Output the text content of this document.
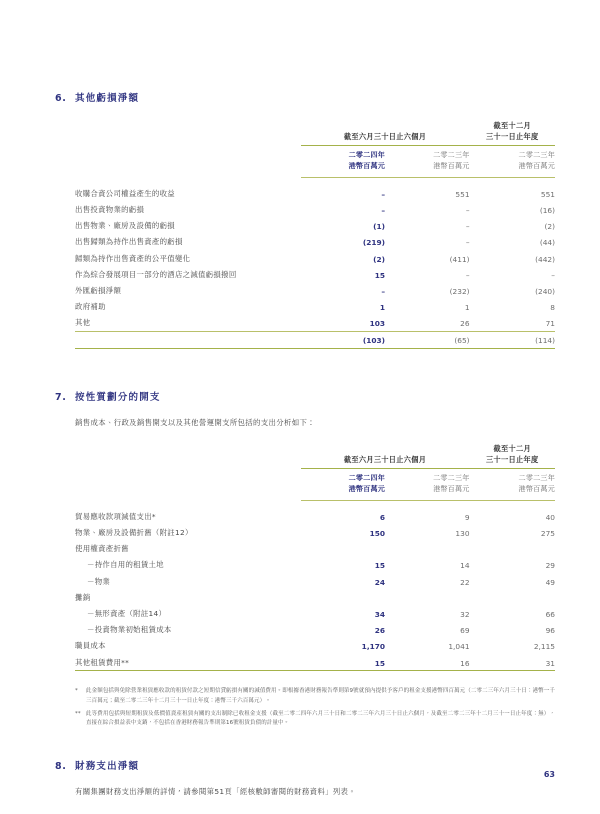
6. 其他虧損淨額
	截至六月三十日止六個月		截至十二月
三十一日止年度

二零二四年
港幣百萬元

二零二三年
港幣百萬元

二零二三年
港幣百萬元

收購合資公司權益產生的收益	–	551	551
出售投資物業的虧損	–	–	(16)
出售物業、廠房及設備的虧損	(1)	–	(2)
出售歸類為持作出售資產的虧損	(219)	–	(44)
歸類為持作出售資產的公平值變化	(2)	(411)	(442)
作為綜合發展項目一部分的酒店之減值虧損撥回	15	–	–
外匯虧損淨額	–	(232)	(240)
政府補助	1	1	8
其他	103	26	71
	(103)	(65)	(114)

7. 按性質劃分的開支
銷售成本、行政及銷售開支以及其他營運開支所包括的支出分析如下：
	截至六月三十日止六個月		截至十二月
三十一日止年度

二零二四年
港幣百萬元

二零二三年
港幣百萬元

二零二三年
港幣百萬元

貿易應收款項減值支出*	6	9	40
物業、廠房及設備折舊（附註12）	150	130	275
使用權資產折舊			
－持作自用的租賃土地	15	14	29
－物業	24	22	49
攤銷			
－無形資產（附註14）	34	32	66
－投資物業初始租賃成本	26	69	96
職員成本	1,170	1,041	2,115
其他租賃費用**	15	16	31

*	此金額包括與免除營業租賃應收款的租賃付款之短期信貸虧損有關的減值費用。即根據香港財務報告準則第9號就預內提供予客戶的租金支援港幣四百萬元（二零二三年六月三十日：港幣一千三百萬元；截至二零二三年十二月三十一日止年度：港幣三千六百萬元）。
** 此等費用包括與短期租賃及低價值資產租賃有關的支出制除已收租金支援（截至二零二四年六月三十日和二零二三年六月三十日止六個月，及截至二零二三年十二月三十一日止年度：無），直接在綜合損益表中支銷，不包括在香港財務報告準則第16號租賃負債的計量中。
8. 財務支出淨額
有關集團財務支出淨額的詳情，請參閱第51頁「經核數師審閱的財務資料」列表。
63
